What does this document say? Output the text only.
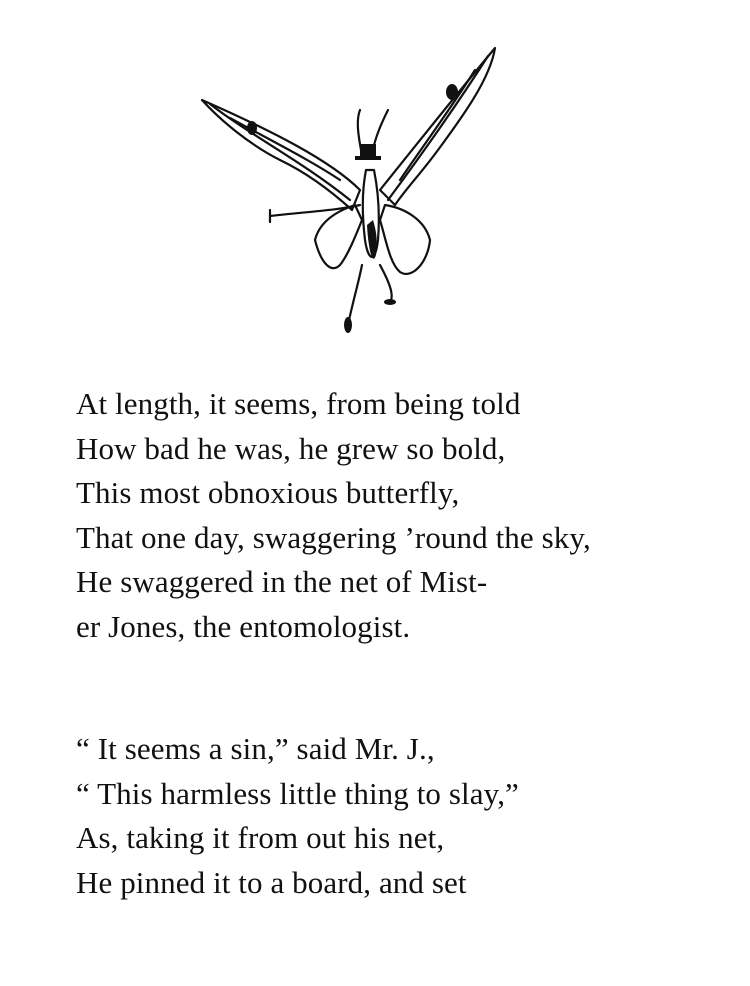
At length, it seems, from being told
How bad he was, he grew so bold,
This most obnoxious butterfly,
That one day, swaggering ’round the sky,
He swaggered in the net of Mist-
er Jones, the entomologist.
“ It seems a sin,” said Mr. J.,
“ This harmless little thing to slay,”
As, taking it from out his net,
He pinned it to a board, and set
